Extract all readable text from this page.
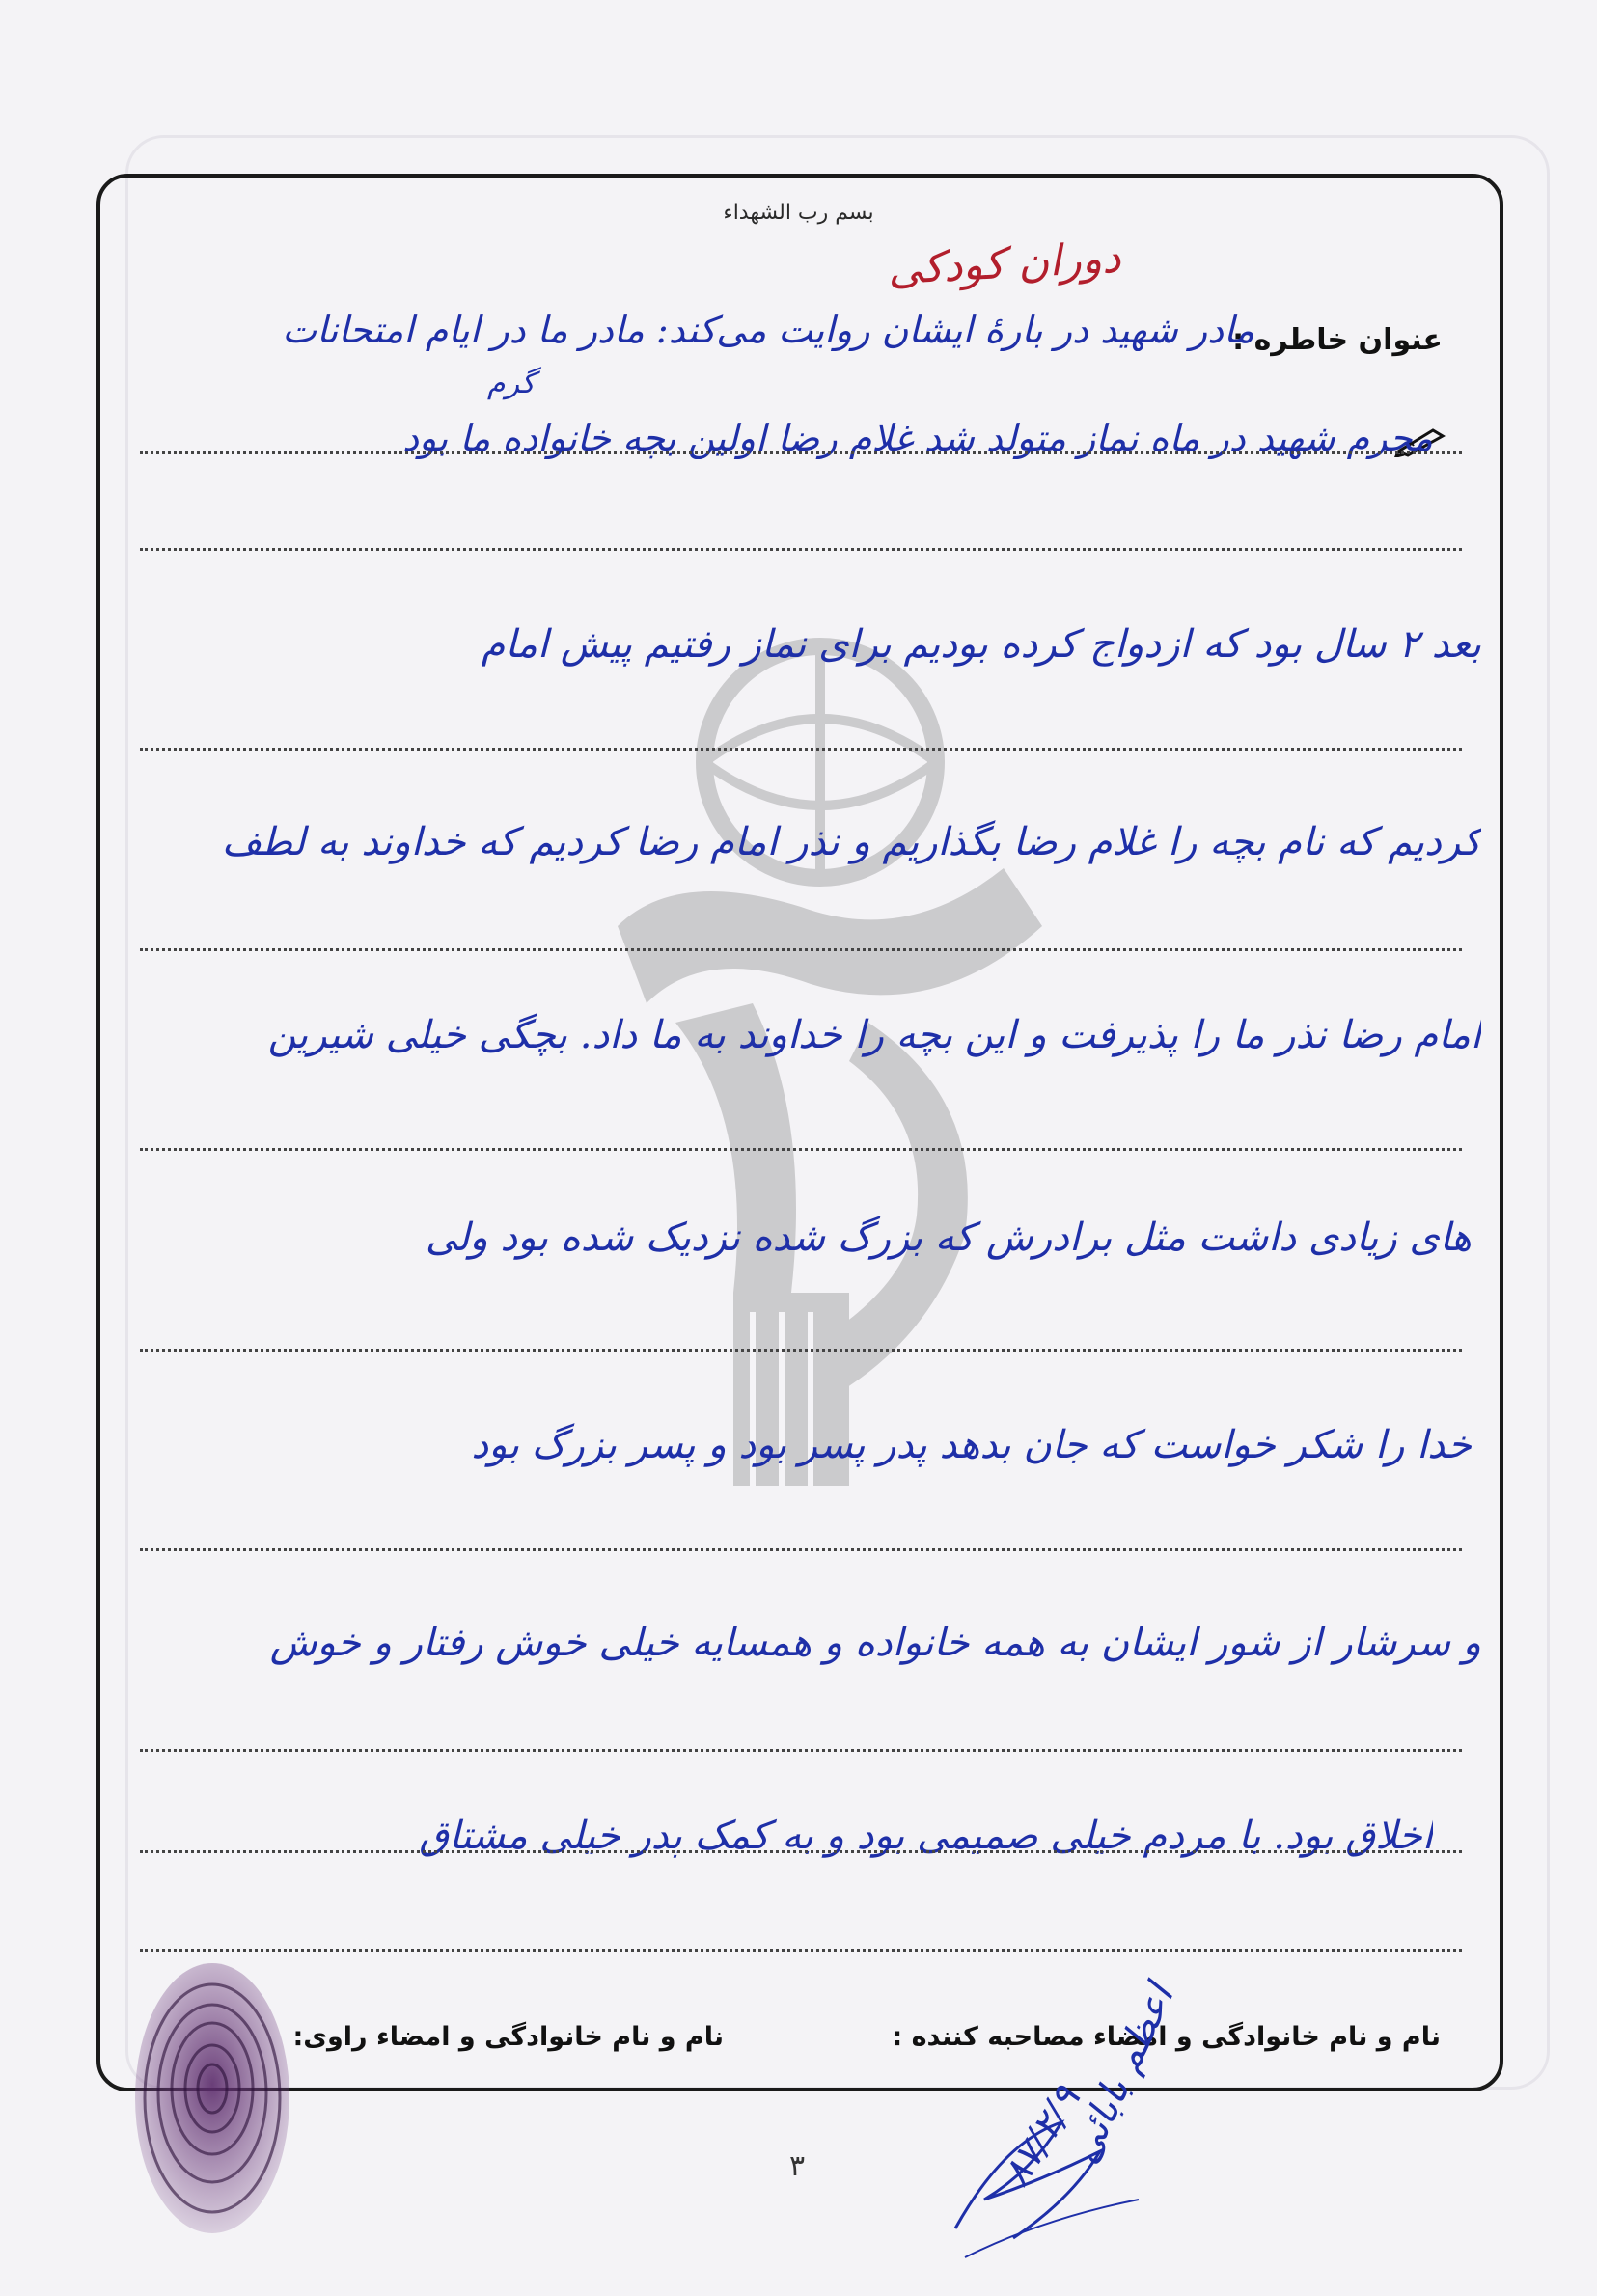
بسم رب الشهداء
دوران کودکی
عنوان خاطره :
مادر شهید در بارۀ ایشان روایت می‌کند: مادر ما در ایام امتحانات
گرم
محرم شهید در ماه نماز متولد شد غلام رضا اولین بچه خانواده ما بود
بعد ۲ سال بود که ازدواج کرده بودیم برای نماز رفتیم پیش امام
کردیم که نام بچه را غلام رضا بگذاریم و نذر امام رضا کردیم که خداوند به لطف
امام رضا نذر ما را پذیرفت و این بچه را خداوند به ما داد. بچگی خیلی شیرین
های زیادی داشت مثل برادرش که بزرگ شده نزدیک شده بود ولی
خدا را شکر خواست که جان بدهد پدر پسر بود و پسر بزرگ بود
و سرشار از شور ایشان به همه خانواده و همسایه خیلی خوش رفتار و خوش
اخلاق بود. با مردم خیلی صمیمی بود و به کمک پدر خیلی مشتاق
نام و نام خانوادگی و امضاء مصاحبه کننده :
نام و نام خانوادگی و امضاء راوی:
۸۷/۲/۹
اعظم بابائی
۳
